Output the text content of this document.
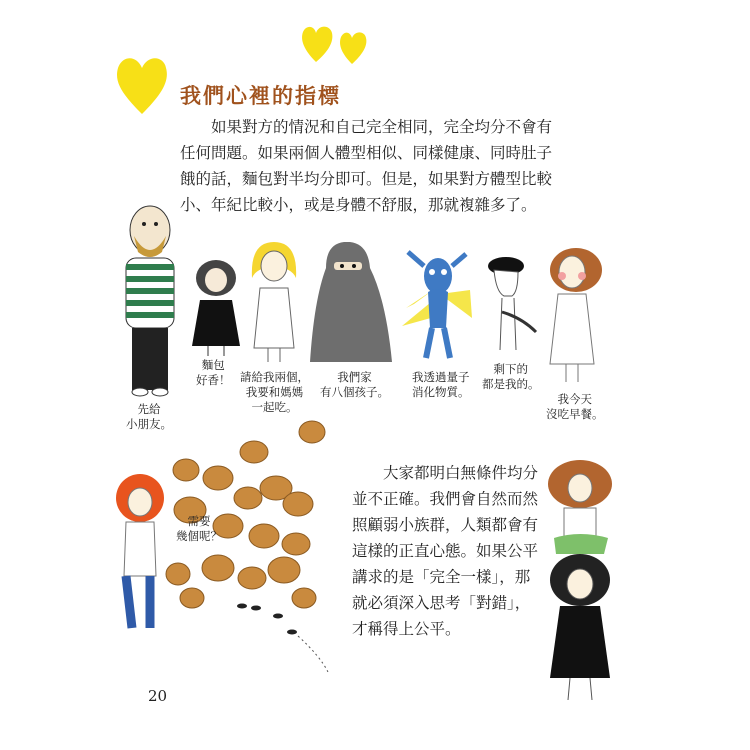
我們心裡的指標
　　如果對方的情況和自己完全相同，完全均分不會有
任何問題。如果兩個人體型相似、同樣健康、同時肚子
餓的話，麵包對半均分即可。但是，如果對方體型比較
小、年紀比較小，或是身體不舒服，那就複雜多了。
先給
小朋友。
麵包
好香！ 請給我兩個，
我要和媽媽
一起吃。
我們家
有八個孩子。
我透過量子
消化物質。
剩下的
都是我的。
我今天
沒吃早餐。
需要
幾個呢？
　　大家都明白無條件均分
並不正確。我們會自然而然
照顧弱小族群，人類都會有
這樣的正直心態。如果公平
講求的是「完全一樣」，那
就必須深入思考「對錯」，
才稱得上公平。
20
